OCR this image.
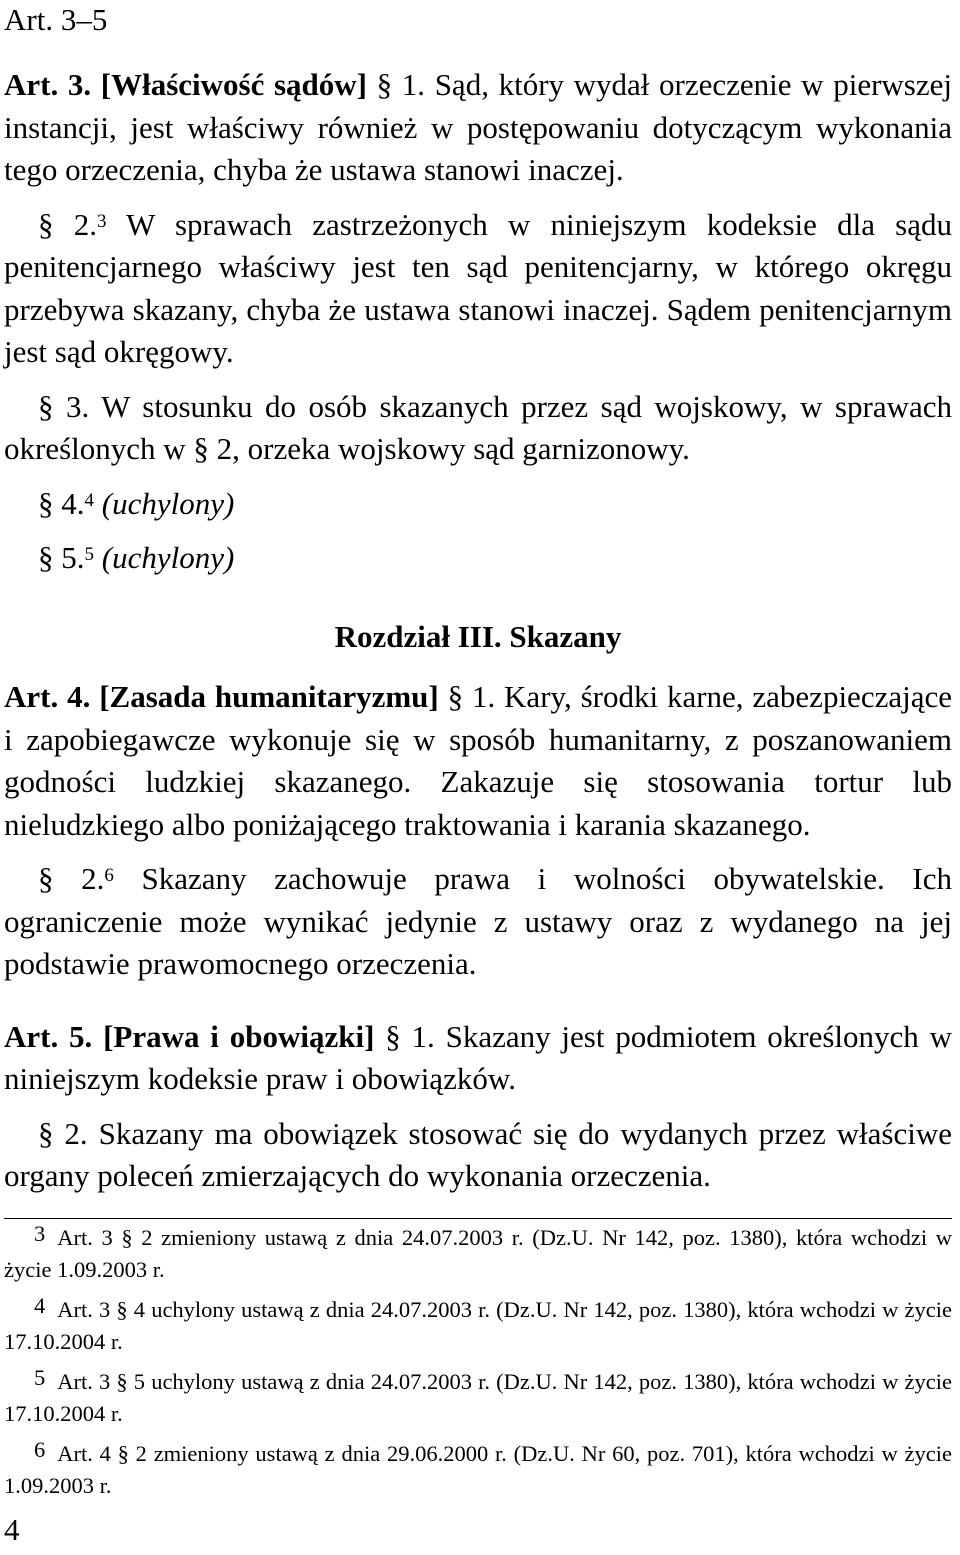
Art. 3–5

Art. 3. [Właściwość sądów] § 1. Sąd, który wydał orzeczenie w pierwszej instancji, jest właściwy również w postępowaniu dotyczącym wykonania tego orzeczenia, chyba że ustawa stanowi inaczej.

§ 2.$^3$ W sprawach zastrzeżonych w niniejszym kodeksie dla sądu penitencjarnego właściwy jest ten sąd penitencjarny, w którego okręgu przebywa skazany, chyba że ustawa stanowi inaczej. Sądem penitencjarnym jest sąd okręgowy.

§ 3. W stosunku do osób skazanych przez sąd wojskowy, w sprawach określonych w § 2, orzeka wojskowy sąd garnizonowy.

§ 4.$^4$ (uchylony)

§ 5.$^5$ (uchylony)

Rozdział III. Skazany

Art. 4. [Zasada humanitaryzmu] § 1. Kary, środki karne, zabezpieczające i zapobiegawcze wykonuje się w sposób humanitarny, z poszanowaniem godności ludzkiej skazanego. Zakazuje się stosowania tortur lub nieludzkiego albo poniżającego traktowania i karania skazanego.

§ 2.$^6$ Skazany zachowuje prawa i wolności obywatelskie. Ich ograniczenie może wynikać jedynie z ustawy oraz z wydanego na jej podstawie prawomocnego orzeczenia.

Art. 5. [Prawa i obowiązki] § 1. Skazany jest podmiotem określonych w niniejszym kodeksie praw i obowiązków.

§ 2. Skazany ma obowiązek stosować się do wydanych przez właściwe organy poleceń zmierzających do wykonania orzeczenia.

3 Art. 3 § 2 zmieniony ustawą z dnia 24.07.2003 r. (Dz.U. Nr 142, poz. 1380), która wchodzi w życie 1.09.2003 r.

4 Art. 3 § 4 uchylony ustawą z dnia 24.07.2003 r. (Dz.U. Nr 142, poz. 1380), która wchodzi w życie 17.10.2004 r.

5 Art. 3 § 5 uchylony ustawą z dnia 24.07.2003 r. (Dz.U. Nr 142, poz. 1380), która wchodzi w życie 17.10.2004 r.

6 Art. 4 § 2 zmieniony ustawą z dnia 29.06.2000 r. (Dz.U. Nr 60, poz. 701), która wchodzi w życie 1.09.2003 r.

4
